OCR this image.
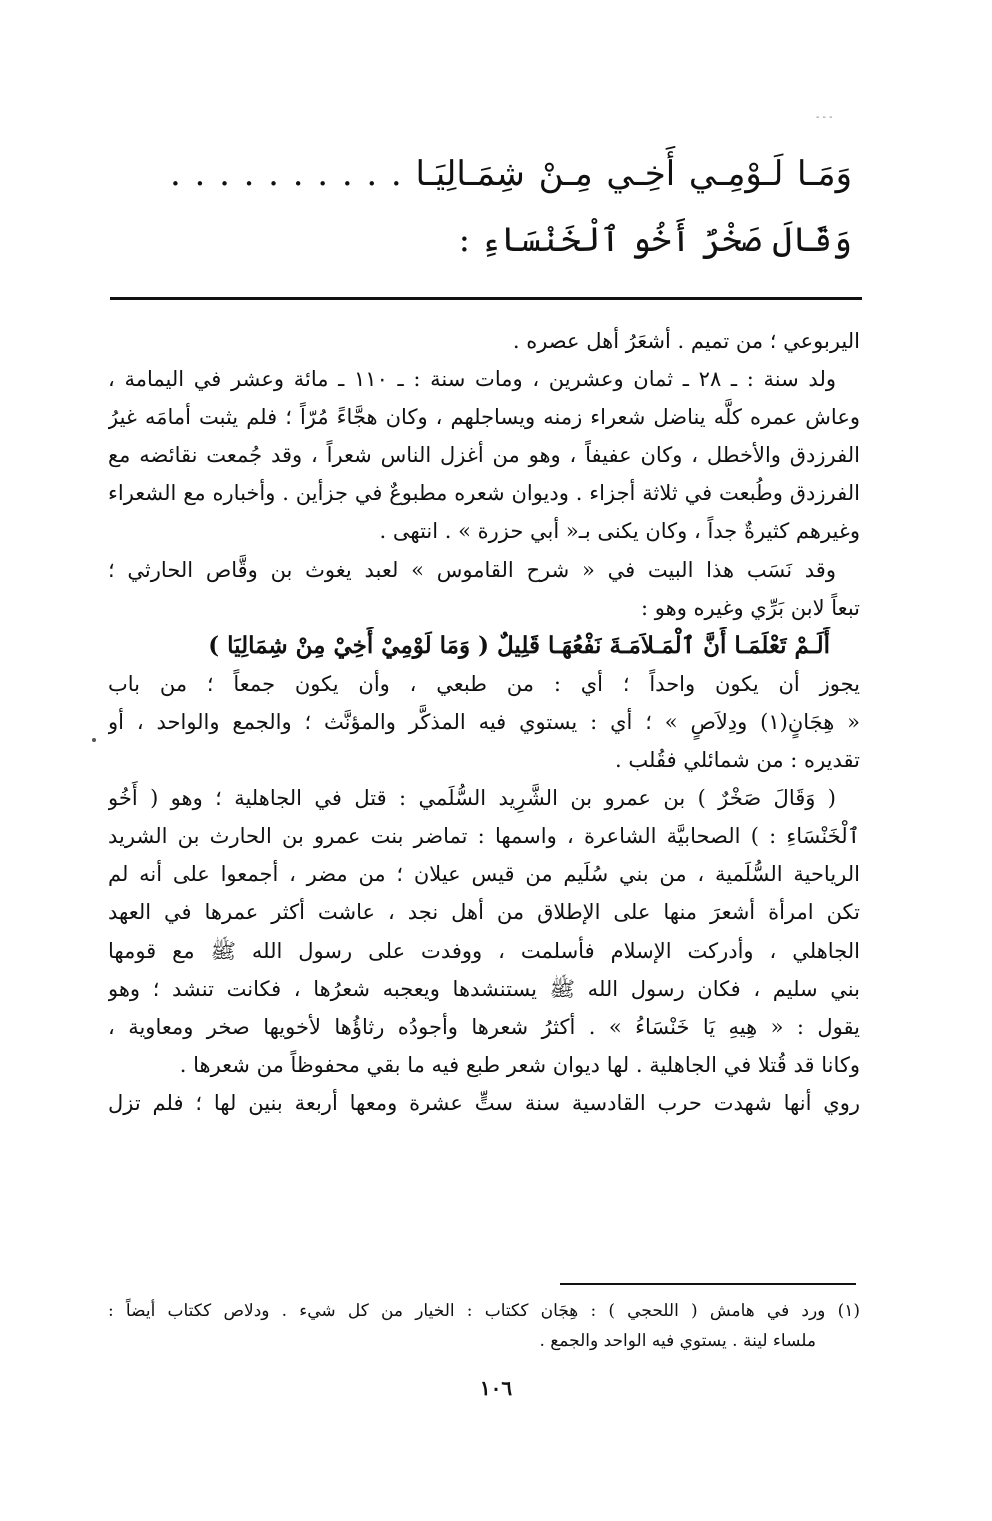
- - -
وَمَـا لَـوْمِـي أَخِـي مِـنْ شِمَـالِيَـا . . . . . . . . . .
وَقَالَ صَخْرٌ أَخُو ٱلْخَنْسَاءِ :
اليربوعي ؛ من تميم . أشعَرُ أهل عصره .
ولد سنة : ـ ٢٨ ـ ثمان وعشرين ، ومات سنة : ـ ١١٠ ـ مائة وعشر في اليمامة ،
وعاش عمره كلَّه يناضل شعراء زمنه ويساجلهم ، وكان هجَّاءً مُرّاً ؛ فلم يثبت أمامَه غيرُ
الفرزدق والأخطل ، وكان عفيفاً ، وهو من أغزل الناس شعراً ، وقد جُمعت نقائضه مع
الفرزدق وطُبعت في ثلاثة أجزاء . وديوان شعره مطبوعٌ في جزأين . وأخباره مع الشعراء
وغيرهم كثيرةٌ جداً ، وكان يكنى بـ« أبي حزرة » . انتهى .
وقد نَسَب هذا البيت في « شرح القاموس » لعبد يغوث بن وقَّاص الحارثي ؛
تبعاً لابن بَرِّي وغيره وهو :
أَلَـمْ تَعْلَمَـا أَنَّ ٱلْمَـلاَمَـةَ نَفْعُهَـا قَلِيلٌ ( وَمَا لَوْمِيْ أَخِيْ مِنْ شِمَالِيَا )
يجوز أن يكون واحداً ؛ أي : من طبعي ، وأن يكون جمعاً ؛ من باب
« هِجَانٍ(١) ودِلاَصٍ » ؛ أي : يستوي فيه المذكَّر والمؤنَّث ؛ والجمع والواحد ، أو
تقديره : من شمائلي فقُلب .
( وَقَالَ صَخْرٌ ) بن عمرو بن الشَّرِيد السُّلَمي : قتل في الجاهلية ؛ وهو ( أَخُو
ٱلْخَنْسَاءِ : ) الصحابيَّة الشاعرة ، واسمها : تماضر بنت عمرو بن الحارث بن الشريد
الرياحية السُّلَمية ، من بني سُلَيم من قيس عيلان ؛ من مضر ، أجمعوا على أنه لم
تكن امرأة أشعرَ منها على الإطلاق من أهل نجد ، عاشت أكثر عمرها في العهد
الجاهلي ، وأدركت الإسلام فأسلمت ، ووفدت على رسول الله ﷺ مع قومها
بني سليم ، فكان رسول الله ﷺ يستنشدها ويعجبه شعرُها ، فكانت تنشد ؛ وهو
يقول : « هِيهِ يَا خَنْسَاءُ » . أكثرُ شعرها وأجودُه رثاؤُها لأخويها صخر ومعاوية ،
وكانا قد قُتلا في الجاهلية . لها ديوان شعر طبع فيه ما بقي محفوظاً من شعرها .
روي أنها شهدت حرب القادسية سنة ستٍّ عشرة ومعها أربعة بنين لها ؛ فلم تزل
(١) ورد في هامش ( اللحجي ) : هِجَان ككتاب : الخيار من كل شيء . ودلاص ككتاب أيضاً :
ملساء لينة . يستوي فيه الواحد والجمع .
١٠٦
